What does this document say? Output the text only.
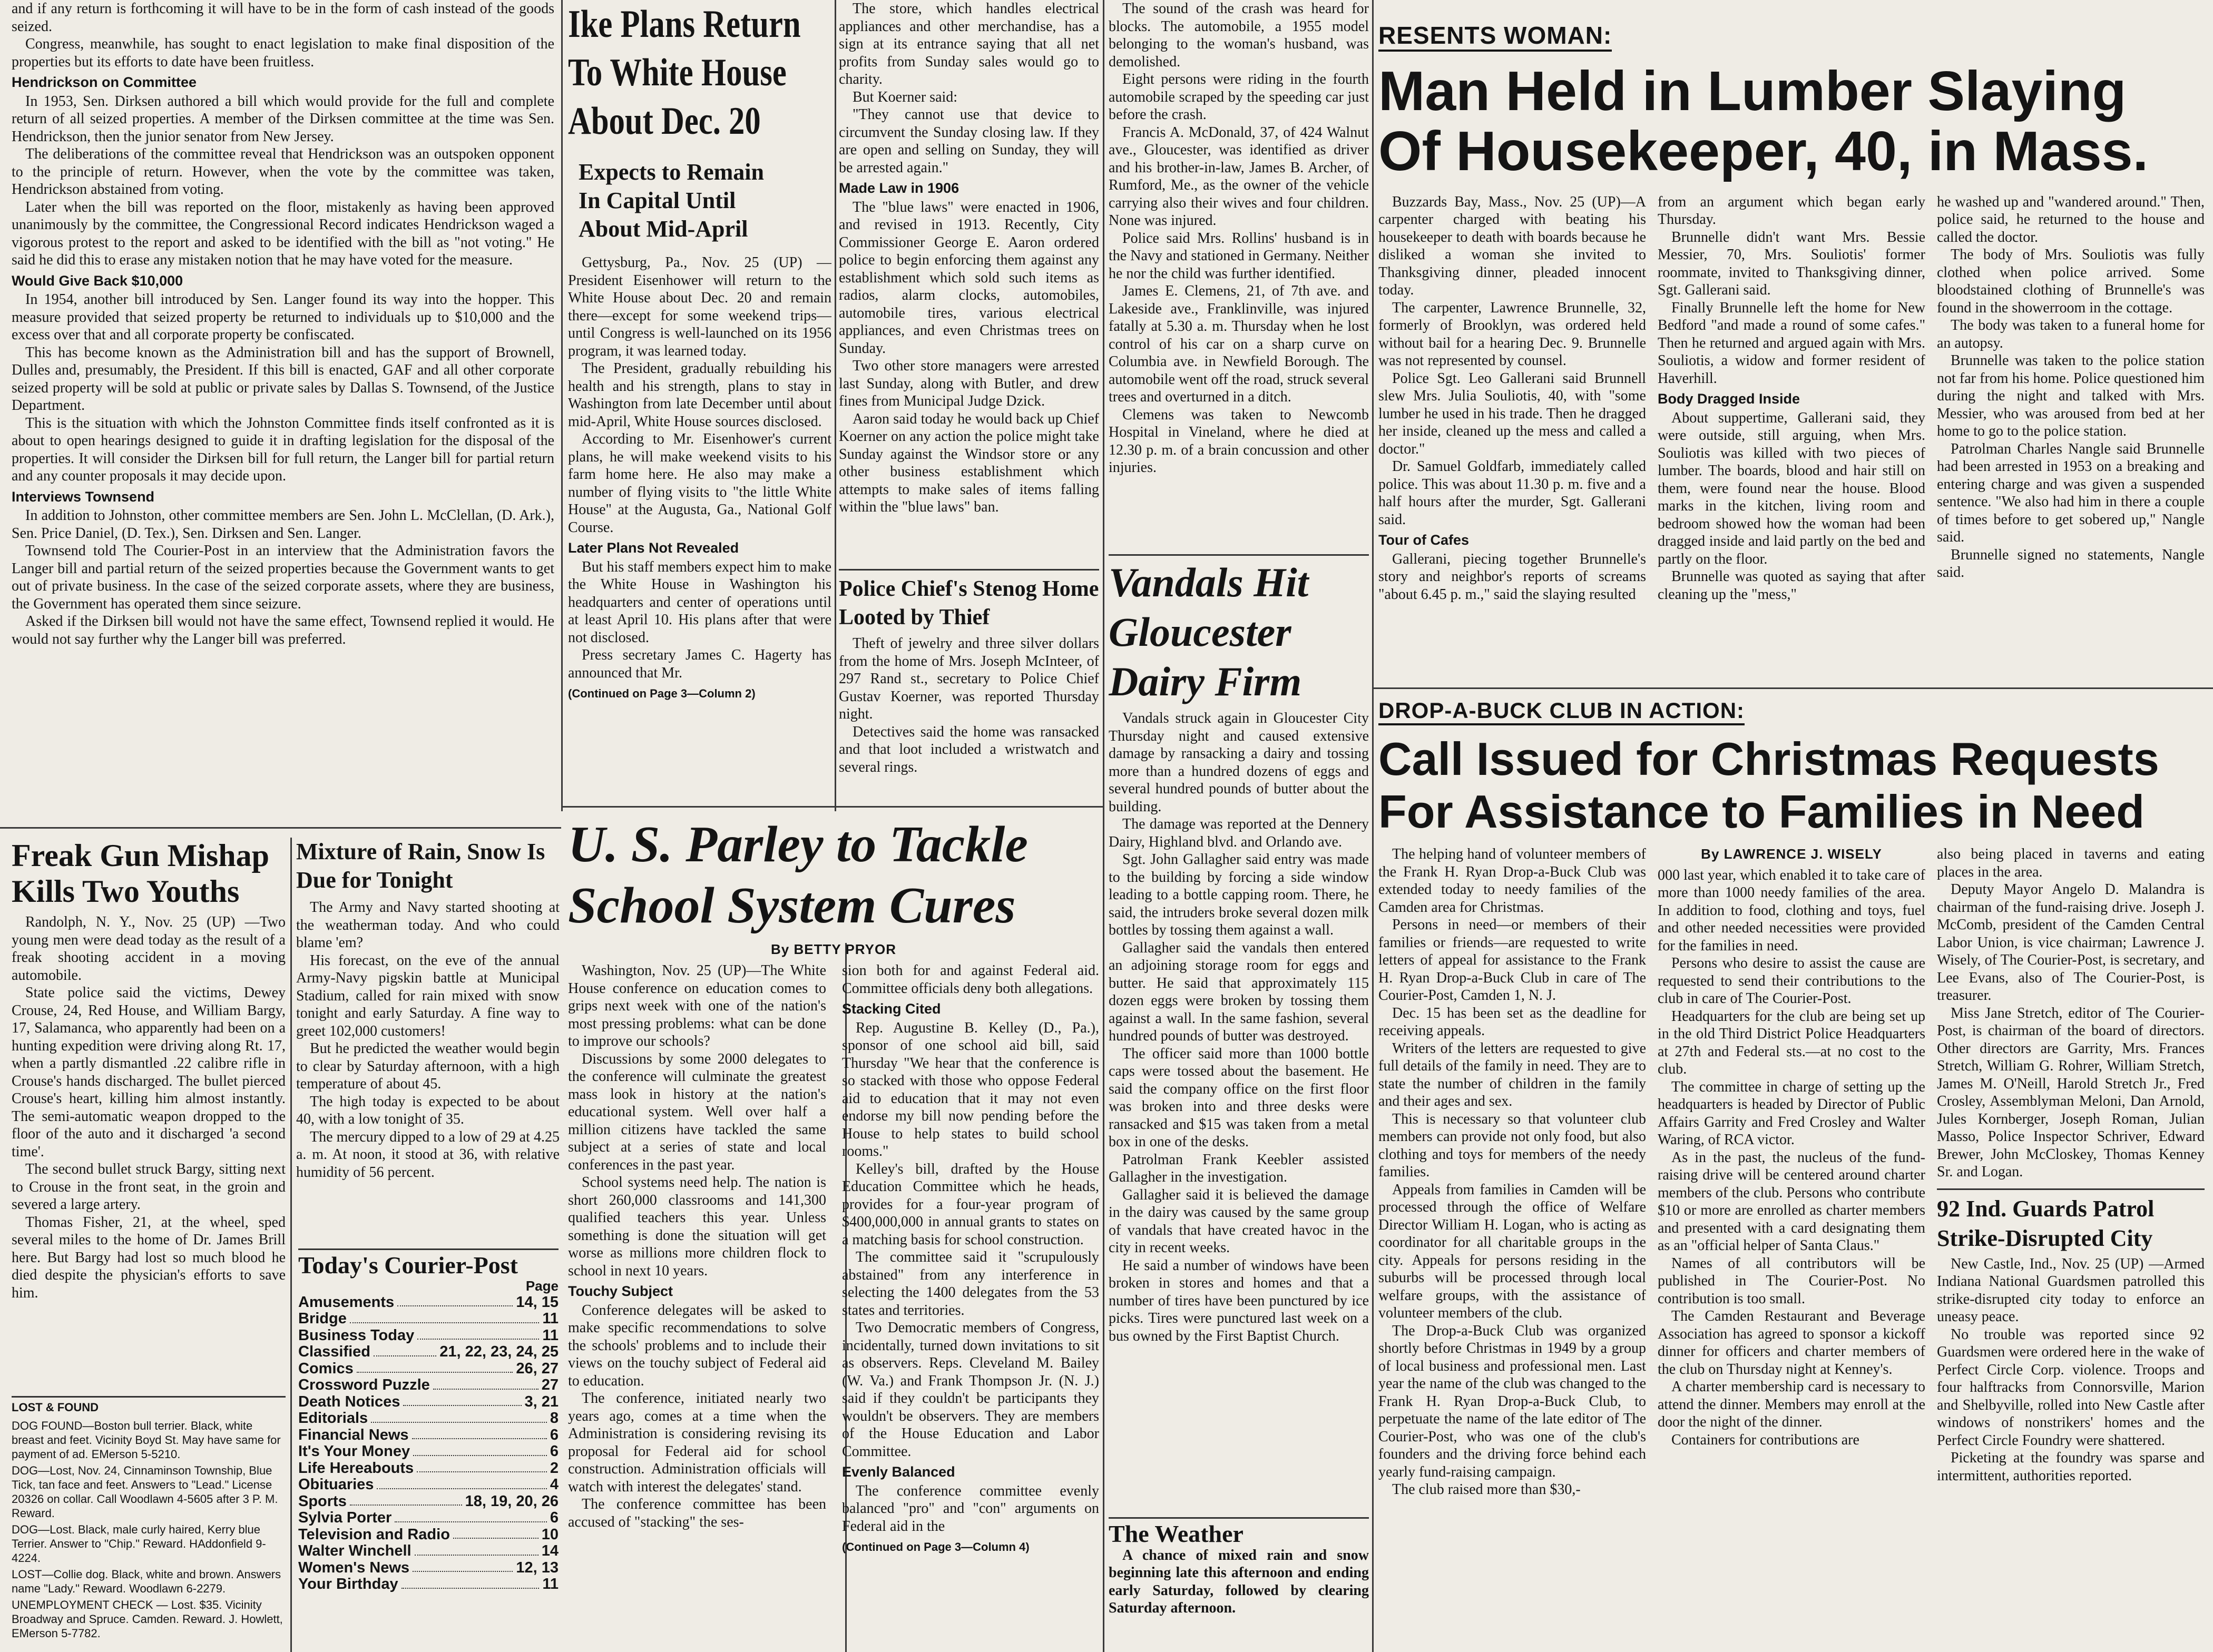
and if any return is forthcoming it will have to be in the form of cash instead of the goods seized.

Congress, meanwhile, has sought to enact legislation to make final disposition of the properties but its efforts to date have been fruitless.

Hendrickson on Committee

In 1953, Sen. Dirksen authored a bill which would provide for the full and complete return of all seized properties. A member of the Dirksen committee at the time was Sen. Hendrickson, then the junior senator from New Jersey.

The deliberations of the committee reveal that Hendrickson was an outspoken opponent to the principle of return. However, when the vote by the committee was taken, Hendrickson abstained from voting.

Later when the bill was reported on the floor, mistakenly as having been approved unanimously by the committee, the Congressional Record indicates Hendrickson waged a vigorous protest to the report and asked to be identified with the bill as "not voting." He said he did this to erase any mistaken notion that he may have voted for the measure.

Would Give Back $10,000

In 1954, another bill introduced by Sen. Langer found its way into the hopper. This measure provided that seized property be returned to individuals up to $10,000 and the excess over that and all corporate property be confiscated.

This has become known as the Administration bill and has the support of Brownell, Dulles and, presumably, the President. If this bill is enacted, GAF and all other corporate seized property will be sold at public or private sales by Dallas S. Townsend, of the Justice Department.

This is the situation with which the Johnston Committee finds itself confronted as it is about to open hearings designed to guide it in drafting legislation for the disposal of the properties. It will consider the Dirksen bill for full return, the Langer bill for partial return and any counter proposals it may decide upon.

Interviews Townsend

In addition to Johnston, other committee members are Sen. John L. McClellan, (D. Ark.), Sen. Price Daniel, (D. Tex.), Sen. Dirksen and Sen. Langer.

Townsend told The Courier-Post in an interview that the Administration favors the Langer bill and partial return of the seized properties because the Government wants to get out of private business. In the case of the seized corporate assets, where they are business, the Government has operated them since seizure.

Asked if the Dirksen bill would not have the same effect, Townsend replied it would. He would not say further why the Langer bill was preferred.

Freak Gun Mishap Kills Two Youths

Randolph, N. Y., Nov. 25 (UP) —Two young men were dead today as the result of a freak shooting accident in a moving automobile.

State police said the victims, Dewey Crouse, 24, Red House, and William Bargy, 17, Salamanca, who apparently had been on a hunting expedition were driving along Rt. 17, when a partly dismantled .22 calibre rifle in Crouse's hands discharged. The bullet pierced Crouse's heart, killing him almost instantly. The semi-automatic weapon dropped to the floor of the auto and it discharged 'a second time'.

The second bullet struck Bargy, sitting next to Crouse in the front seat, in the groin and severed a large artery.

Thomas Fisher, 21, at the wheel, sped several miles to the home of Dr. James Brill here. But Bargy had lost so much blood he died despite the physician's efforts to save him.

LOST & FOUND

DOG FOUND—Boston bull terrier. Black, white breast and feet. Vicinity Boyd St. May have same for payment of ad. EMerson 5-5210.

DOG—Lost, Nov. 24, Cinnaminson Township, Blue Tick, tan face and feet. Answers to "Lead." License 20326 on collar. Call Woodlawn 4-5605 after 3 P. M. Reward.

DOG—Lost. Black, male curly haired, Kerry blue Terrier. Answer to "Chip." Reward. HAddonfield 9-4224.

LOST—Collie dog. Black, white and brown. Answers name "Lady." Reward. Woodlawn 6-2279.

UNEMPLOYMENT CHECK — Lost. $35. Vicinity Broadway and Spruce. Camden. Reward. J. Howlett, EMerson 5-7782.

Mixture of Rain, Snow Is Due for Tonight

The Army and Navy started shooting at the weatherman today. And who could blame 'em?

His forecast, on the eve of the annual Army-Navy pigskin battle at Municipal Stadium, called for rain mixed with snow tonight and early Saturday. A fine way to greet 102,000 customers!

But he predicted the weather would begin to clear by Saturday afternoon, with a high temperature of about 45.

The high today is expected to be about 40, with a low tonight of 35.

The mercury dipped to a low of 29 at 4.25 a. m. At noon, it stood at 36, with relative humidity of 56 percent.

Today's Courier-Post
Page
Amusements	14, 15
Bridge	11
Business Today	11
Classified	21, 22, 23, 24, 25
Comics	26, 27
Crossword Puzzle	27
Death Notices	3, 21
Editorials	8
Financial News	6
It's Your Money	6
Life Hereabouts	2
Obituaries	4
Sports	18, 19, 20, 26
Sylvia Porter	6
Television and Radio	10
Walter Winchell	14
Women's News	12, 13
Your Birthday	11
Ike Plans Return To White House About Dec. 20
Expects to Remain
In Capital Until
About Mid-April

Gettysburg, Pa., Nov. 25 (UP) —President Eisenhower will return to the White House about Dec. 20 and remain there—except for some weekend trips—until Congress is well-launched on its 1956 program, it was learned today.

The President, gradually rebuilding his health and his strength, plans to stay in Washington from late December until about mid-April, White House sources disclosed.

According to Mr. Eisenhower's current plans, he will make weekend visits to his farm home here. He also may make a number of flying visits to "the little White House" at the Augusta, Ga., National Golf Course.

Later Plans Not Revealed

But his staff members expect him to make the White House in Washington his headquarters and center of operations until at least April 10. His plans after that were not disclosed.

Press secretary James C. Hagerty has announced that Mr.

(Continued on Page 3—Column 2)

The store, which handles electrical appliances and other merchandise, has a sign at its entrance saying that all net profits from Sunday sales would go to charity.

But Koerner said:

"They cannot use that device to circumvent the Sunday closing law. If they are open and selling on Sunday, they will be arrested again."

Made Law in 1906

The "blue laws" were enacted in 1906, and revised in 1913. Recently, City Commissioner George E. Aaron ordered police to begin enforcing them against any establishment which sold such items as radios, alarm clocks, automobiles, automobile tires, various electrical appliances, and even Christmas trees on Sunday.

Two other store managers were arrested last Sunday, along with Butler, and drew fines from Municipal Judge Dzick.

Aaron said today he would back up Chief Koerner on any action the police might take Sunday against the Windsor store or any other business establishment which attempts to make sales of items falling within the "blue laws" ban.

Police Chief's Stenog Home Looted by Thief

Theft of jewelry and three silver dollars from the home of Mrs. Joseph McInteer, of 297 Rand st., secretary to Police Chief Gustav Koerner, was reported Thursday night.

Detectives said the home was ransacked and that loot included a wristwatch and several rings.

U. S. Parley to Tackle School System Cures
By BETTY PRYOR

Washington, Nov. 25 (UP)—The White House conference on education comes to grips next week with one of the nation's most pressing problems: what can be done to improve our schools?

Discussions by some 2000 delegates to the conference will culminate the greatest mass look in history at the nation's educational system. Well over half a million citizens have tackled the same subject at a series of state and local conferences in the past year.

School systems need help. The nation is short 260,000 classrooms and 141,300 qualified teachers this year. Unless something is done the situation will get worse as millions more children flock to school in next 10 years.

Touchy Subject

Conference delegates will be asked to make specific recommendations to solve the schools' problems and to include their views on the touchy subject of Federal aid to education.

The conference, initiated nearly two years ago, comes at a time when the Administration is considering revising its proposal for Federal aid for school construction. Administration officials will watch with interest the delegates' stand.

The conference committee has been accused of "stacking" the ses-

sion both for and against Federal aid. Committee officials deny both allegations.

Stacking Cited

Rep. Augustine B. Kelley (D., Pa.), sponsor of one school aid bill, said Thursday "We hear that the conference is so stacked with those who oppose Federal aid to education that it may not even endorse my bill now pending before the House to help states to build school rooms."

Kelley's bill, drafted by the House Education Committee which he heads, provides for a four-year program of $400,000,000 in annual grants to states on a matching basis for school construction.

The committee said it "scrupulously abstained" from any interference in selecting the 1400 delegates from the 53 states and territories.

Two Democratic members of Congress, incidentally, turned down invitations to sit as observers. Reps. Cleveland M. Bailey (W. Va.) and Frank Thompson Jr. (N. J.) said if they couldn't be participants they wouldn't be observers. They are members of the House Education and Labor Committee.

Evenly Balanced

The conference committee evenly balanced "pro" and "con" arguments on Federal aid in the

(Continued on Page 3—Column 4)

The sound of the crash was heard for blocks. The automobile, a 1955 model belonging to the woman's husband, was demolished.

Eight persons were riding in the fourth automobile scraped by the speeding car just before the crash.

Francis A. McDonald, 37, of 424 Walnut ave., Gloucester, was identified as driver and his brother-in-law, James B. Archer, of Rumford, Me., as the owner of the vehicle carrying also their wives and four children. None was injured.

Police said Mrs. Rollins' husband is in the Navy and stationed in Germany. Neither he nor the child was further identified.

James E. Clemens, 21, of 7th ave. and Lakeside ave., Franklinville, was injured fatally at 5.30 a. m. Thursday when he lost control of his car on a sharp curve on Columbia ave. in Newfield Borough. The automobile went off the road, struck several trees and overturned in a ditch.

Clemens was taken to Newcomb Hospital in Vineland, where he died at 12.30 p. m. of a brain concussion and other injuries.

Vandals Hit Gloucester Dairy Firm

Vandals struck again in Gloucester City Thursday night and caused extensive damage by ransacking a dairy and tossing more than a hundred dozens of eggs and several hundred pounds of butter about the building.

The damage was reported at the Dennery Dairy, Highland blvd. and Orlando ave.

Sgt. John Gallagher said entry was made to the building by forcing a side window leading to a bottle capping room. There, he said, the intruders broke several dozen milk bottles by tossing them against a wall.

Gallagher said the vandals then entered an adjoining storage room for eggs and butter. He said that approximately 115 dozen eggs were broken by tossing them against a wall. In the same fashion, several hundred pounds of butter was destroyed.

The officer said more than 1000 bottle caps were tossed about the basement. He said the company office on the first floor was broken into and three desks were ransacked and $15 was taken from a metal box in one of the desks.

Patrolman Frank Keebler assisted Gallagher in the investigation.

Gallagher said it is believed the damage in the dairy was caused by the same group of vandals that have created havoc in the city in recent weeks.

He said a number of windows have been broken in stores and homes and that a number of tires have been punctured by ice picks. Tires were punctured last week on a bus owned by the First Baptist Church.

The Weather

A chance of mixed rain and snow beginning late this afternoon and ending early Saturday, followed by clearing Saturday afternoon.

RESENTS WOMAN:
Man Held in Lumber Slaying
Of Housekeeper, 40, in Mass.

Buzzards Bay, Mass., Nov. 25 (UP)—A carpenter charged with beating his housekeeper to death with boards because he disliked a woman she invited to Thanksgiving dinner, pleaded innocent today.

The carpenter, Lawrence Brunnelle, 32, formerly of Brooklyn, was ordered held without bail for a hearing Dec. 9. Brunnelle was not represented by counsel.

Police Sgt. Leo Gallerani said Brunnell slew Mrs. Julia Souliotis, 40, with "some lumber he used in his trade. Then he dragged her inside, cleaned up the mess and called a doctor."

Dr. Samuel Goldfarb, immediately called police. This was about 11.30 p. m. five and a half hours after the murder, Sgt. Gallerani said.

Tour of Cafes

Gallerani, piecing together Brunnelle's story and neighbor's reports of screams "about 6.45 p. m.," said the slaying resulted

from an argument which began early Thursday.

Brunnelle didn't want Mrs. Bessie Messier, 70, Mrs. Souliotis' former roommate, invited to Thanksgiving dinner, Sgt. Gallerani said.

Finally Brunnelle left the home for New Bedford "and made a round of some cafes." Then he returned and argued again with Mrs. Souliotis, a widow and former resident of Haverhill.

Body Dragged Inside

About suppertime, Gallerani said, they were outside, still arguing, when Mrs. Souliotis was killed with two pieces of lumber. The boards, blood and hair still on them, were found near the house. Blood marks in the kitchen, living room and bedroom showed how the woman had been dragged inside and laid partly on the bed and partly on the floor.

Brunnelle was quoted as saying that after cleaning up the "mess,"

he washed up and "wandered around." Then, police said, he returned to the house and called the doctor.

The body of Mrs. Souliotis was fully clothed when police arrived. Some bloodstained clothing of Brunnelle's was found in the showerroom in the cottage.

The body was taken to a funeral home for an autopsy.

Brunnelle was taken to the police station not far from his home. Police questioned him during the night and talked with Mrs. Messier, who was aroused from bed at her home to go to the police station.

Patrolman Charles Nangle said Brunnelle had been arrested in 1953 on a breaking and entering charge and was given a suspended sentence. "We also had him in there a couple of times before to get sobered up," Nangle said.

Brunnelle signed no statements, Nangle said.

DROP-A-BUCK CLUB IN ACTION:
Call Issued for Christmas Requests
For Assistance to Families in Need

The helping hand of volunteer members of the Frank H. Ryan Drop-a-Buck Club was extended today to needy families of the Camden area for Christmas.

Persons in need—or members of their families or friends—are requested to write letters of appeal for assistance to the Frank H. Ryan Drop-a-Buck Club in care of The Courier-Post, Camden 1, N. J.

Dec. 15 has been set as the deadline for receiving appeals.

Writers of the letters are requested to give full details of the family in need. They are to state the number of children in the family and their ages and sex.

This is necessary so that volunteer club members can provide not only food, but also clothing and toys for members of the needy families.

Appeals from families in Camden will be processed through the office of Welfare Director William H. Logan, who is acting as coordinator for all charitable groups in the city. Appeals for persons residing in the suburbs will be processed through local welfare groups, with the assistance of volunteer members of the club.

The Drop-a-Buck Club was organized shortly before Christmas in 1949 by a group of local business and professional men. Last year the name of the club was changed to the Frank H. Ryan Drop-a-Buck Club, to perpetuate the name of the late editor of The Courier-Post, who was one of the club's founders and the driving force behind each yearly fund-raising campaign.

The club raised more than $30,-

By LAWRENCE J. WISELY

000 last year, which enabled it to take care of more than 1000 needy families of the area. In addition to food, clothing and toys, fuel and other needed necessities were provided for the families in need.

Persons who desire to assist the cause are requested to send their contributions to the club in care of The Courier-Post.

Headquarters for the club are being set up in the old Third District Police Headquarters at 27th and Federal sts.—at no cost to the club.

The committee in charge of setting up the headquarters is headed by Director of Public Affairs Garrity and Fred Crosley and Walter Waring, of RCA victor.

As in the past, the nucleus of the fund-raising drive will be centered around charter members of the club. Persons who contribute $10 or more are enrolled as charter members and presented with a card designating them as an "official helper of Santa Claus."

Names of all contributors will be published in The Courier-Post. No contribution is too small.

The Camden Restaurant and Beverage Association has agreed to sponsor a kickoff dinner for officers and charter members of the club on Thursday night at Kenney's.

A charter membership card is necessary to attend the dinner. Members may enroll at the door the night of the dinner.

Containers for contributions are

also being placed in taverns and eating places in the area.

Deputy Mayor Angelo D. Malandra is chairman of the fund-raising drive. Joseph J. McComb, president of the Camden Central Labor Union, is vice chairman; Lawrence J. Wisely, of The Courier-Post, is secretary, and Lee Evans, also of The Courier-Post, is treasurer.

Miss Jane Stretch, editor of The Courier-Post, is chairman of the board of directors. Other directors are Garrity, Mrs. Frances Stretch, William G. Rohrer, William Stretch, James M. O'Neill, Harold Stretch Jr., Fred Crosley, Assemblyman Meloni, Dan Arnold, Jules Kornberger, Joseph Roman, Julian Masso, Police Inspector Schriver, Edward Brewer, John McCloskey, Thomas Kenney Sr. and Logan.

92 Ind. Guards Patrol Strike-Disrupted City

New Castle, Ind., Nov. 25 (UP) —Armed Indiana National Guardsmen patrolled this strike-disrupted city today to enforce an uneasy peace.

No trouble was reported since 92 Guardsmen were ordered here in the wake of Perfect Circle Corp. violence. Troops and four halftracks from Connorsville, Marion and Shelbyville, rolled into New Castle after windows of nonstrikers' homes and the Perfect Circle Foundry were shattered.

Picketing at the foundry was sparse and intermittent, authorities reported.
